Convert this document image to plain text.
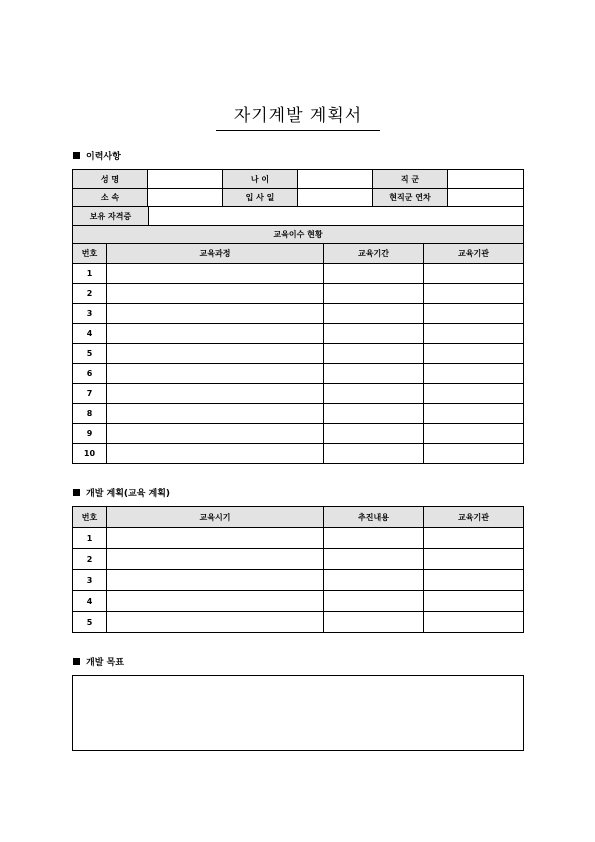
자기계발 계획서
이력사항
성 명		나 이		직 군	
소 속		입 사 일		현직군 연차	
보유 자격증				
교육이수 현황				
번호	교육과정		교육기간	교육기관
1				
2				
3				
4				
5				
6				
7				
8				
9				
10				
개발 계획(교육 계획)
번호	교육시기	추진내용	교육기관
1			
2			
3			
4			
5			
개발 목표
